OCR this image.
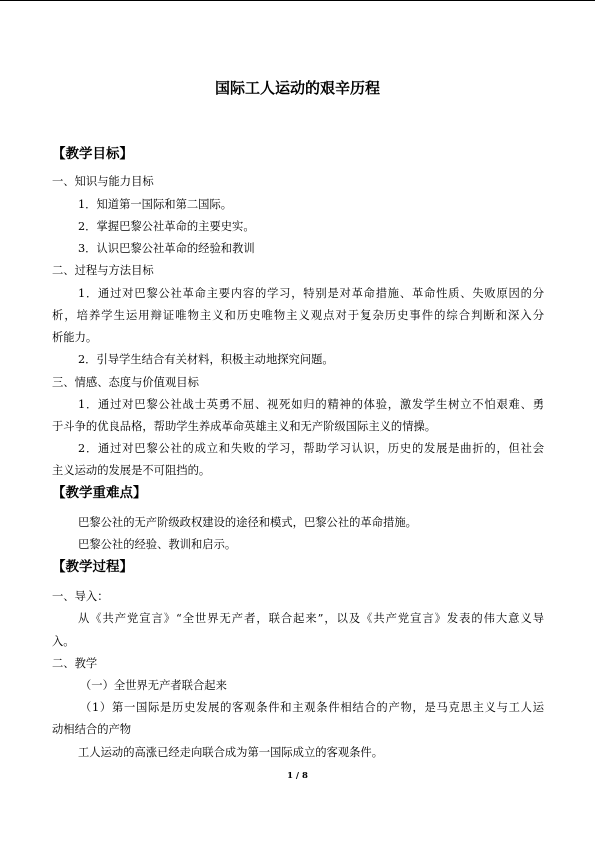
国际工人运动的艰辛历程
【教学目标】
一、知识与能力目标
1．知道第一国际和第二国际。
2．掌握巴黎公社革命的主要史实。
3．认识巴黎公社革命的经验和教训
二、过程与方法目标
1．通过对巴黎公社革命主要内容的学习，特别是对革命措施、革命性质、失败原因的分
析，培养学生运用辩证唯物主义和历史唯物主义观点对于复杂历史事件的综合判断和深入分
析能力。
2．引导学生结合有关材料，积极主动地探究问题。
三、情感、态度与价值观目标
1．通过对巴黎公社战士英勇不屈、视死如归的精神的体验，激发学生树立不怕艰难、勇
于斗争的优良品格，帮助学生养成革命英雄主义和无产阶级国际主义的情操。
2．通过对巴黎公社的成立和失败的学习，帮助学习认识，历史的发展是曲折的，但社会
主义运动的发展是不可阻挡的。
【教学重难点】
巴黎公社的无产阶级政权建设的途径和模式，巴黎公社的革命措施。
巴黎公社的经验、教训和启示。
【教学过程】
一、导入：
从《共产党宣言》“全世界无产者，联合起来”，以及《共产党宣言》发表的伟大意义导
入。
二、教学
（一）全世界无产者联合起来
（1）第一国际是历史发展的客观条件和主观条件相结合的产物，是马克思主义与工人运
动相结合的产物
工人运动的高涨已经走向联合成为第一国际成立的客观条件。
1 / 8
